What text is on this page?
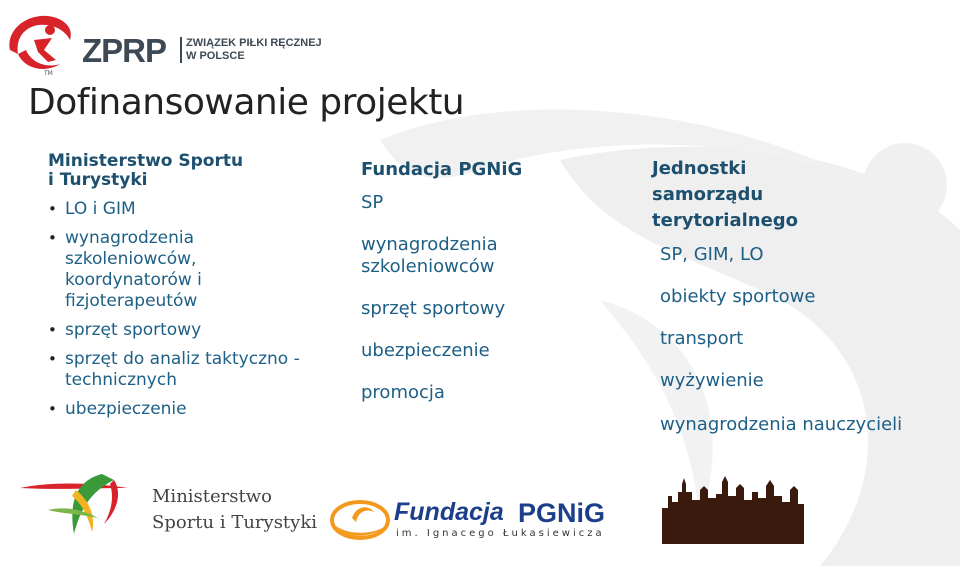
TM
ZPRP ZWIĄZEK PIŁKI RĘCZNEJ
W POLSCE
Dofinansowanie projektu
Ministerstwo Sportu
i Turystyki
• LO i GIM
• wynagrodzenia szkoleniowców, koordynatorów i fizjoterapeutów
• sprzęt sportowy
• sprzęt do analiz taktyczno -technicznych
• ubezpieczenie
Fundacja PGNiG
SP
wynagrodzenia szkoleniowców
sprzęt sportowy
ubezpieczenie
promocja
Jednostki
samorządu
terytorialnego
SP, GIM, LO
obiekty sportowe
transport
wyżywienie
wynagrodzenia nauczycieli
Ministerstwo
Sportu i Turystyki	Fundacja PGNiG
im. Ignacego Łukasiewicza
